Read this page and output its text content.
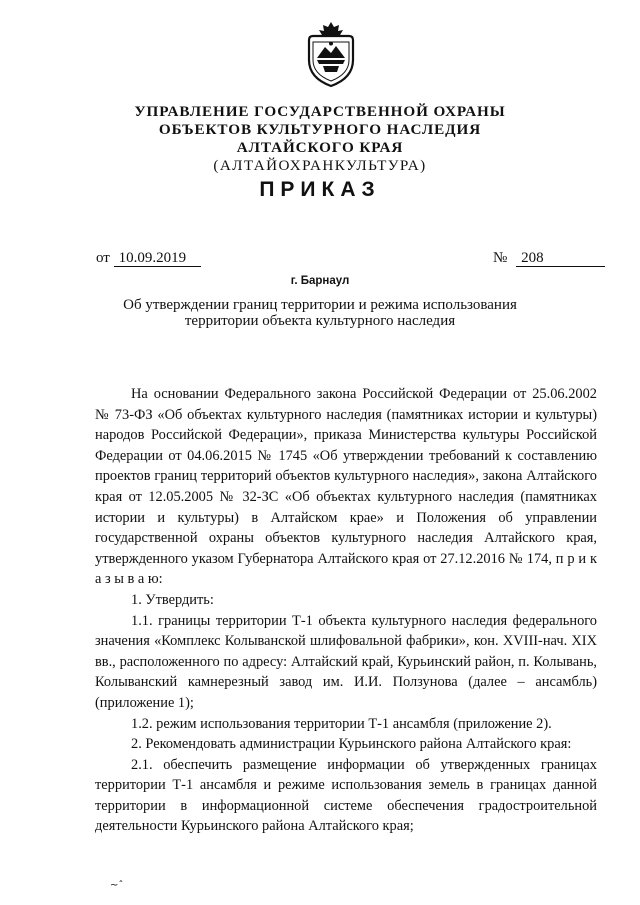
УПРАВЛЕНИЕ ГОСУДАРСТВЕННОЙ ОХРАНЫ
ОБЪЕКТОВ КУЛЬТУРНОГО НАСЛЕДИЯ
АЛТАЙСКОГО КРАЯ
(АЛТАЙОХРАНКУЛЬТУРА)
ПРИКАЗ
от 10.09.2019	№ 208
г. Барнаул
Об утверждении границ территории и режима использования
территории объекта культурного наследия

На основании Федерального закона Российской Федерации от 25.06.2002 № 73-ФЗ «Об объектах культурного наследия (памятниках истории и культуры) народов Российской Федерации», приказа Министерства культуры Российской Федерации от 04.06.2015 № 1745 «Об утверждении требований к составлению проектов границ территорий объектов культурного наследия», закона Алтайского края от 12.05.2005 № 32-ЗС «Об объектах культурного наследия (памятниках истории и культуры) в Алтайском крае» и Положения об управлении государственной охраны объектов культурного наследия Алтайского края, утвержденного указом Губернатора Алтайского края от 27.12.2016 № 174, п р и к а з ы в а ю:

1. Утвердить:

1.1. границы территории Т-1 объекта культурного наследия федерального значения «Комплекс Колыванской шлифовальной фабрики», кон. XVIII-нач. XIX вв., расположенного по адресу: Алтайский край, Курьинский район, п. Колывань, Колыванский камнерезный завод им. И.И. Ползунова (далее – ансамбль) (приложение 1);

1.2. режим использования территории Т-1 ансамбля (приложение 2).

2. Рекомендовать администрации Курьинского района Алтайского края:

2.1. обеспечить размещение информации об утвержденных границах территории Т-1 ансамбля и режиме использования земель в границах данной территории в информационной системе обеспечения градостроительной деятельности Курьинского района Алтайского края;

~ˆ
